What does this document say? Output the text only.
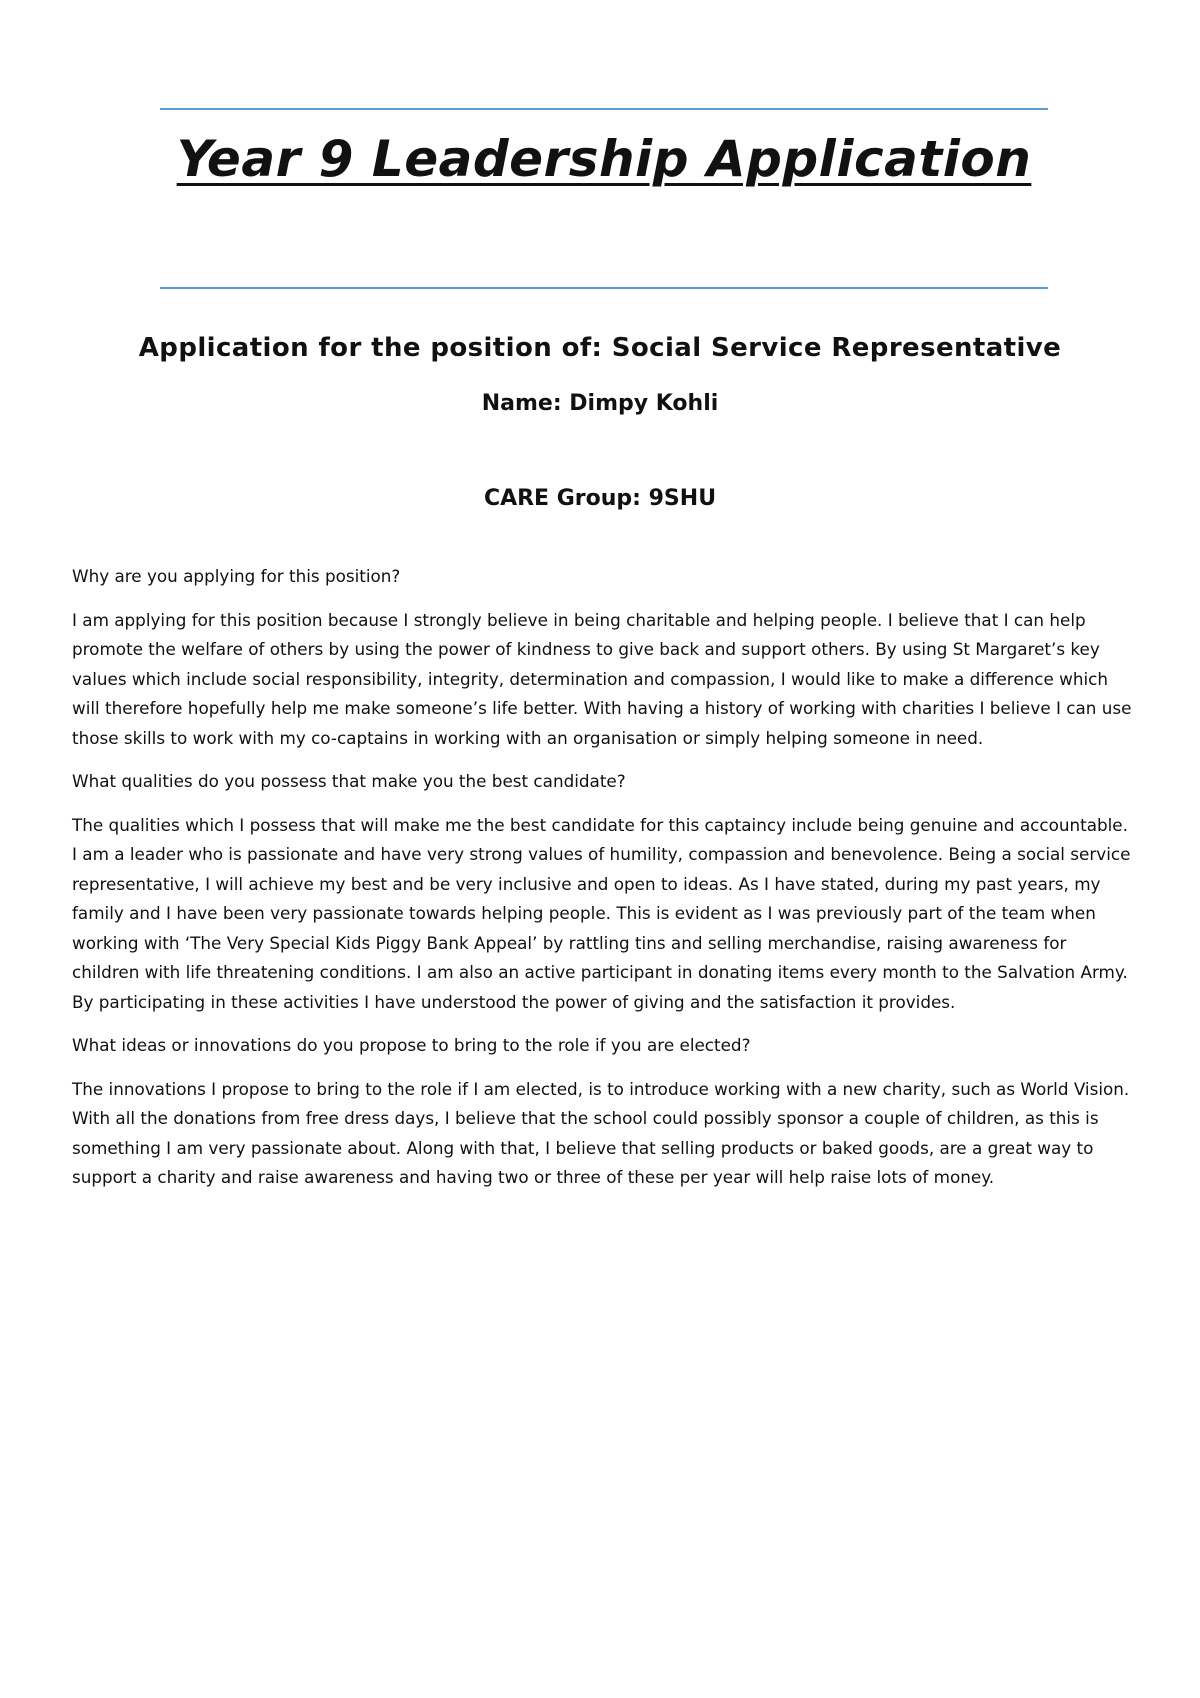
Year 9 Leadership Application

Application for the position of: Social Service Representative

Name: Dimpy Kohli

CARE Group: 9SHU

Why are you applying for this position?

I am applying for this position because I strongly believe in being charitable and helping people. I believe that I can help promote the welfare of others by using the power of kindness to give back and support others. By using St Margaret’s key values which include social responsibility, integrity, determination and compassion, I would like to make a difference which will therefore hopefully help me make someone’s life better. With having a history of working with charities I believe I can use those skills to work with my co-captains in working with an organisation or simply helping someone in need.

What qualities do you possess that make you the best candidate?

The qualities which I possess that will make me the best candidate for this captaincy include being genuine and accountable. I am a leader who is passionate and have very strong values of humility, compassion and benevolence. Being a social service representative, I will achieve my best and be very inclusive and open to ideas. As I have stated, during my past years, my family and I have been very passionate towards helping people. This is evident as I was previously part of the team when working with ‘The Very Special Kids Piggy Bank Appeal’ by rattling tins and selling merchandise, raising awareness for children with life threatening conditions. I am also an active participant in donating items every month to the Salvation Army. By participating in these activities I have understood the power of giving and the satisfaction it provides.

What ideas or innovations do you propose to bring to the role if you are elected?

The innovations I propose to bring to the role if I am elected, is to introduce working with a new charity, such as World Vision. With all the donations from free dress days, I believe that the school could possibly sponsor a couple of children, as this is something I am very passionate about. Along with that, I believe that selling products or baked goods, are a great way to support a charity and raise awareness and having two or three of these per year will help raise lots of money.
